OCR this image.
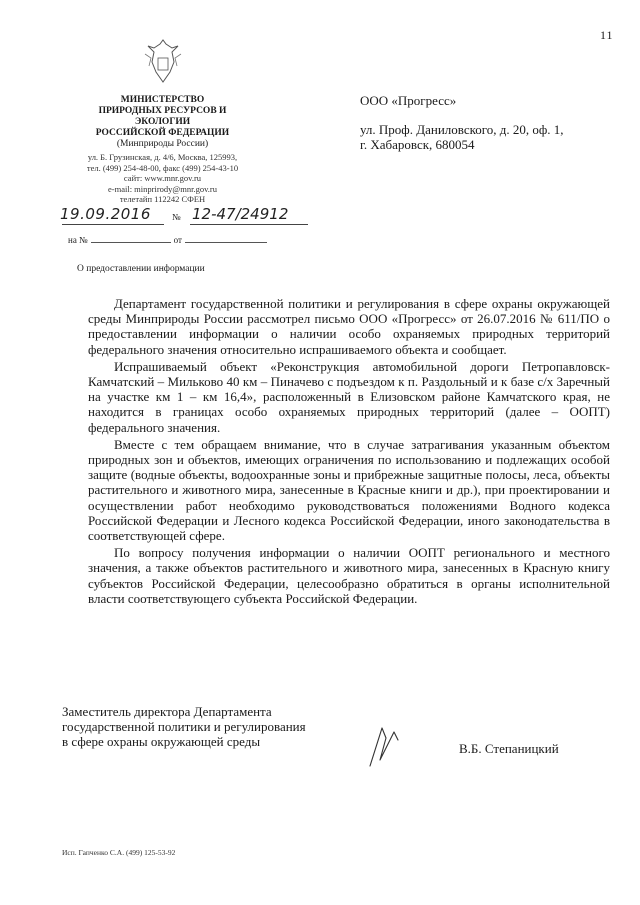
11
МИНИСТЕРСТВО
ПРИРОДНЫХ РЕСУРСОВ И ЭКОЛОГИИ
РОССИЙСКОЙ ФЕДЕРАЦИИ
(Минприроды России)
ул. Б. Грузинская, д. 4/6, Москва, 125993,
тел. (499) 254-48-00, факс (499) 254-43-10
сайт: www.mnr.gov.ru
e-mail: minprirody@mnr.gov.ru
телетайп 112242 СФЕН
19.09.2016 № 12-47/24912
на №	от
О предоставлении информации
ООО «Прогресс»
ул. Проф. Даниловского, д. 20, оф. 1,
г. Хабаровск, 680054

Департамент государственной политики и регулирования в сфере охраны окружающей среды Минприроды России рассмотрел письмо ООО «Прогресс» от 26.07.2016 № 611/ПО о предоставлении информации о наличии особо охраняемых природных территорий федерального значения относительно испрашиваемого объекта и сообщает.

Испрашиваемый объект «Реконструкция автомобильной дороги Петропавловск-Камчатский – Мильково 40 км – Пиначево с подъездом к п. Раздольный и к базе с/х Заречный на участке км 1 – км 16,4», расположенный в Елизовском районе Камчатского края, не находится в границах особо охраняемых природных территорий (далее – ООПТ) федерального значения.

Вместе с тем обращаем внимание, что в случае затрагивания указанным объектом природных зон и объектов, имеющих ограничения по использованию и подлежащих особой защите (водные объекты, водоохранные зоны и прибрежные защитные полосы, леса, объекты растительного и животного мира, занесенные в Красные книги и др.), при проектировании и осуществлении работ необходимо руководствоваться положениями Водного кодекса Российской Федерации и Лесного кодекса Российской Федерации, иного законодательства в соответствующей сфере.

По вопросу получения информации о наличии ООПТ регионального и местного значения, а также объектов растительного и животного мира, занесенных в Красную книгу субъектов Российской Федерации, целесообразно обратиться в органы исполнительной власти соответствующего субъекта Российской Федерации.

Заместитель директора Департамента
государственной политики и регулирования
в сфере охраны окружающей среды	В.Б. Степаницкий
Исп. Гапченко С.А. (499) 125-53-92
